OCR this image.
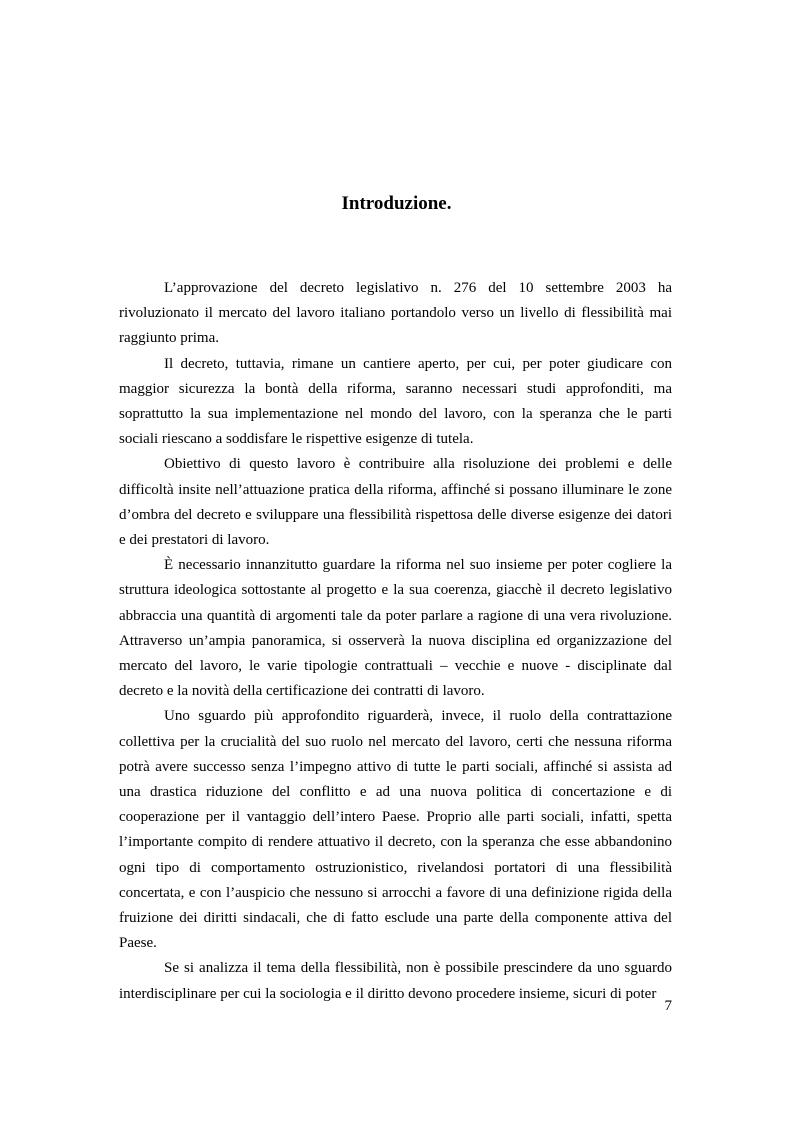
Introduzione.

L’approvazione del decreto legislativo n. 276 del 10 settembre 2003 ha rivoluzionato il mercato del lavoro italiano portandolo verso un livello di flessibilità mai raggiunto prima.

Il decreto, tuttavia, rimane un cantiere aperto, per cui, per poter giudicare con maggior sicurezza la bontà della riforma, saranno necessari studi approfonditi, ma soprattutto la sua implementazione nel mondo del lavoro, con la speranza che le parti sociali riescano a soddisfare le rispettive esigenze di tutela.

Obiettivo di questo lavoro è contribuire alla risoluzione dei problemi e delle difficoltà insite nell’attuazione pratica della riforma, affinché si possano illuminare le zone d’ombra del decreto e sviluppare una flessibilità rispettosa delle diverse esigenze dei datori e dei prestatori di lavoro.

È necessario innanzitutto guardare la riforma nel suo insieme per poter cogliere la struttura ideologica sottostante al progetto e la sua coerenza, giacchè il decreto legislativo abbraccia una quantità di argomenti tale da poter parlare a ragione di una vera rivoluzione. Attraverso un’ampia panoramica, si osserverà la nuova disciplina ed organizzazione del mercato del lavoro, le varie tipologie contrattuali – vecchie e nuove - disciplinate dal decreto e la novità della certificazione dei contratti di lavoro.

Uno sguardo più approfondito riguarderà, invece, il ruolo della contrattazione collettiva per la crucialità del suo ruolo nel mercato del lavoro, certi che nessuna riforma potrà avere successo senza l’impegno attivo di tutte le parti sociali, affinché si assista ad una drastica riduzione del conflitto e ad una nuova politica di concertazione e di cooperazione per il vantaggio dell’intero Paese. Proprio alle parti sociali, infatti, spetta l’importante compito di rendere attuativo il decreto, con la speranza che esse abbandonino ogni tipo di comportamento ostruzionistico, rivelandosi portatori di una flessibilità concertata, e con l’auspicio che nessuno si arrocchi a favore di una definizione rigida della fruizione dei diritti sindacali, che di fatto esclude una parte della componente attiva del Paese.

Se si analizza il tema della flessibilità, non è possibile prescindere da uno sguardo interdisciplinare per cui la sociologia e il diritto devono procedere insieme, sicuri di poter

7
